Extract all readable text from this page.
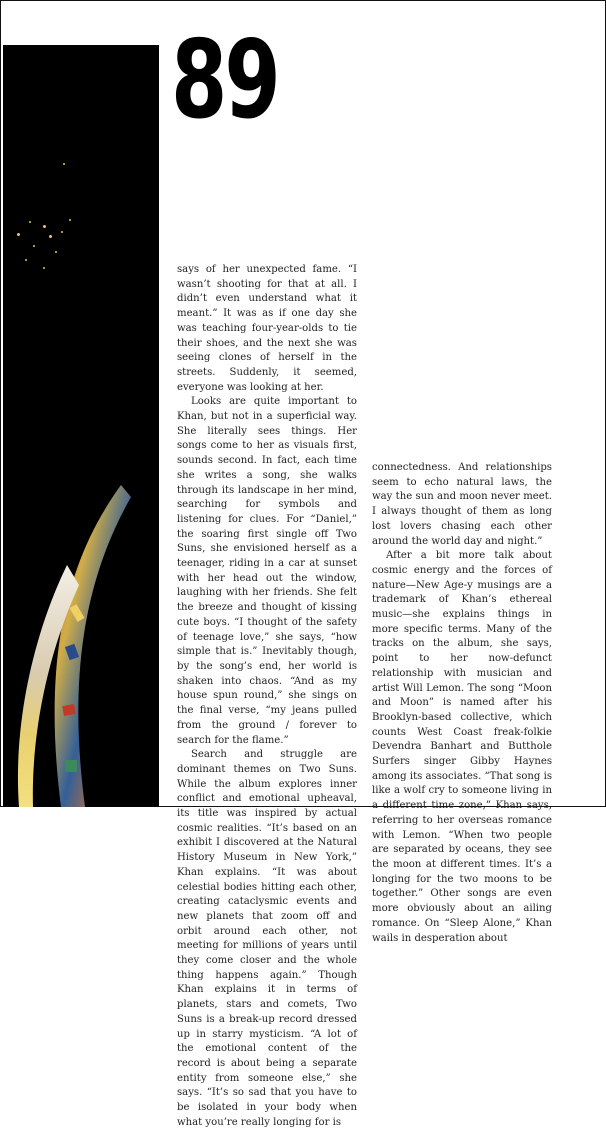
89

says of her unexpected fame. “I wasn’t shooting for that at all. I didn’t even understand what it meant.” It was as if one day she was teaching four-year-olds to tie their shoes, and the next she was seeing clones of herself in the streets. Suddenly, it seemed, everyone was looking at her.

Looks are quite important to Khan, but not in a superficial way. She literally sees things. Her songs come to her as visuals first, sounds second. In fact, each time she writes a song, she walks through its landscape in her mind, searching for symbols and listening for clues. For “Daniel,” the soaring first single off Two Suns, she envisioned herself as a teenager, riding in a car at sunset with her head out the window, laughing with her friends. She felt the breeze and thought of kissing cute boys. “I thought of the safety of teenage love,” she says, “how simple that is.” Inevitably though, by the song’s end, her world is shaken into chaos. “And as my house spun round,” she sings on the final verse, “my jeans pulled from the ground / forever to search for the flame.”

Search and struggle are dominant themes on Two Suns. While the album explores inner conflict and emotional upheaval, its title was inspired by actual cosmic realities. “It’s based on an exhibit I discovered at the Natural History Museum in New York,” Khan explains. “It was about celestial bodies hitting each other, creating cataclysmic events and new planets that zoom off and orbit around each other, not meeting for millions of years until they come closer and the whole thing happens again.” Though Khan explains it in terms of planets, stars and comets, Two Suns is a break-up record dressed up in starry mysticism. “A lot of the emotional content of the record is about being a separate entity from someone else,” she says. “It’s so sad that you have to be isolated in your body when what you’re really longing for is

connectedness. And relationships seem to echo natural laws, the way the sun and moon never meet. I always thought of them as long lost lovers chasing each other around the world day and night.”

After a bit more talk about cosmic energy and the forces of nature—New Age-y musings are a trademark of Khan’s ethereal music—she explains things in more specific terms. Many of the tracks on the album, she says, point to her now-defunct relationship with musician and artist Will Lemon. The song “Moon and Moon” is named after his Brooklyn-based collective, which counts West Coast freak-folkie Devendra Banhart and Butthole Surfers singer Gibby Haynes among its associates. “That song is like a wolf cry to someone living in a different time zone,” Khan says, referring to her overseas romance with Lemon. “When two people are separated by oceans, they see the moon at different times. It’s a longing for the two moons to be together.” Other songs are even more obviously about an ailing romance. On “Sleep Alone,” Khan wails in desperation about
